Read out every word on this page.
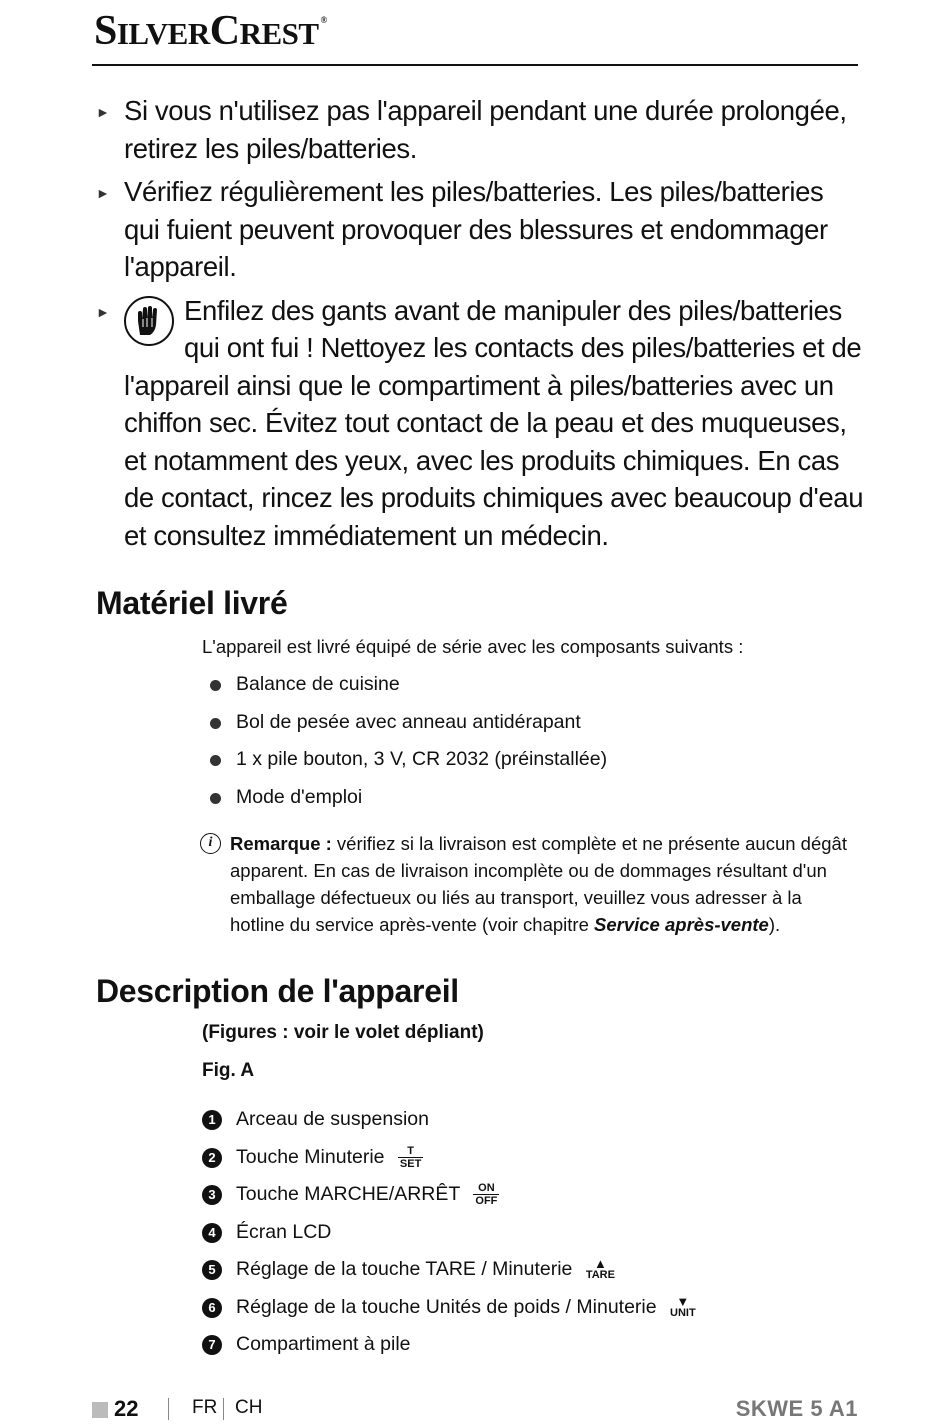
SILVERCREST ®
► Si vous n'utilisez pas l'appareil pendant une durée prolongée, retirez les piles/batteries.
► Vérifiez régulièrement les piles/batteries. Les piles/batteries qui fuient peuvent provoquer des blessures et endommager l'appareil.
►	Enfilez des gants avant de manipuler des piles/batteries qui ont fui ! Nettoyez les contacts des piles/batteries et de l'appareil ainsi que le compartiment à piles/batteries avec un chiffon sec. Évitez tout contact de la peau et des muqueuses, et notamment des yeux, avec les produits chimiques. En cas de contact, rincez les produits chimiques avec beaucoup d'eau et consultez immédiatement un médecin.
Matériel livré
L'appareil est livré équipé de série avec les composants suivants :
Balance de cuisine
Bol de pesée avec anneau antidérapant
1 x pile bouton, 3 V, CR 2032 (préinstallée)
Mode d'emploi
i Remarque : vérifiez si la livraison est complète et ne présente aucun dégât apparent. En cas de livraison incomplète ou de dommages résultant d'un emballage défectueux ou liés au transport, veuillez vous adresser à la hotline du service après-vente (voir chapitre Service après-vente).
Description de l'appareil
(Figures : voir le volet dépliant)
Fig. A
1	Arceau de suspension
2	Touche Minuterie	T
SET
3	Touche MARCHE/ARRÊT	ON
OFF
4	Écran LCD
5	Réglage de la touche TARE / Minuterie	▲
TARE
6	Réglage de la touche Unités de poids / Minuterie	▼
UNIT
7	Compartiment à pile
22	FR CH	SKWE 5 A1
